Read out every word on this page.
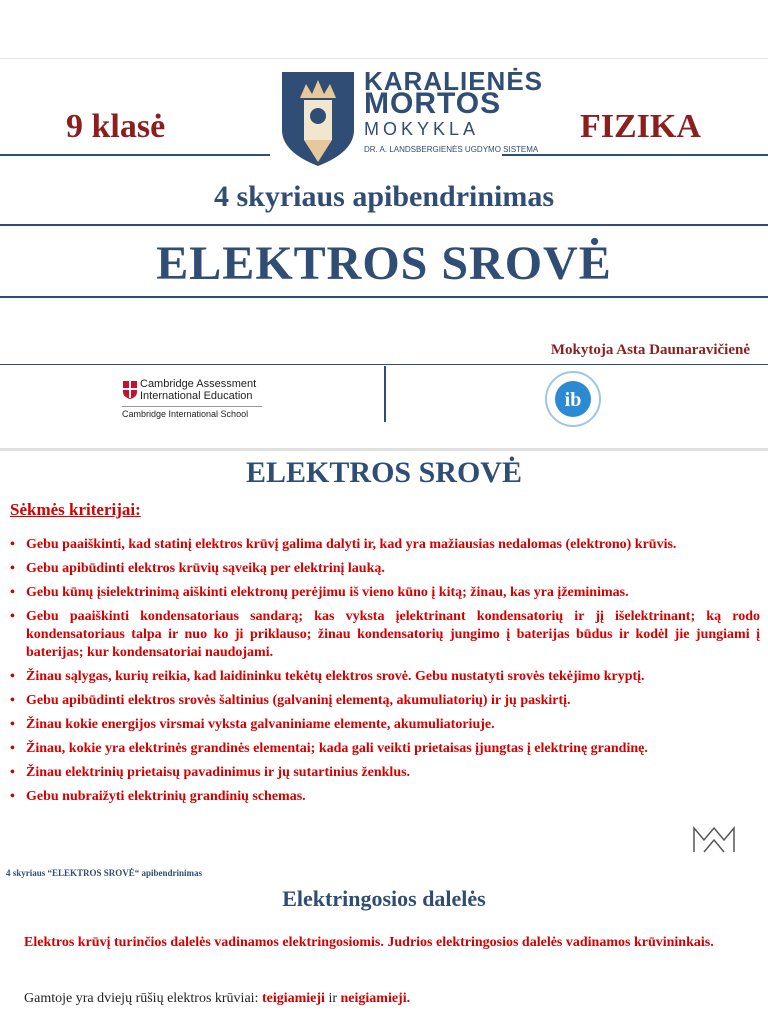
9 klasė	FIZIKA
KARALIENĖS
MORTOS
MOKYKLA
DR. A. LANDSBERGIENĖS UGDYMO SISTEMA
4 skyriaus apibendrinimas
ELEKTROS SROVĖ
Mokytoja Asta Daunaravičienė
Cambridge Assessment
International Education
Cambridge International School
ib
ELEKTROS SROVĖ
Sėkmės kriterijai:
• Gebu paaiškinti, kad statinį elektros krūvį galima dalyti ir, kad yra mažiausias nedalomas (elektrono) krūvis.
• Gebu apibūdinti elektros krūvių sąveiką per elektrinį lauką.
• Gebu kūnų įsielektrinimą aiškinti elektronų perėjimu iš vieno kūno į kitą; žinau, kas yra įžeminimas.
• Gebu paaiškinti kondensatoriaus sandarą; kas vyksta įelektrinant kondensatorių ir jį išelektrinant; ką rodo kondensatoriaus talpa ir nuo ko ji priklauso; žinau kondensatorių jungimo į baterijas būdus ir kodėl jie jungiami į baterijas; kur kondensatoriai naudojami.
• Žinau sąlygas, kurių reikia, kad laidininku tekėtų elektros srovė. Gebu nustatyti srovės tekėjimo kryptį.
• Gebu apibūdinti elektros srovės šaltinius (galvaninį elementą, akumuliatorių) ir jų paskirtį.
• Žinau kokie energijos virsmai vyksta galvaniniame elemente, akumuliatoriuje.
• Žinau, kokie yra elektrinės grandinės elementai; kada gali veikti prietaisas įjungtas į elektrinę grandinę.
• Žinau elektrinių prietaisų pavadinimus ir jų sutartinius ženklus.
• Gebu nubraižyti elektrinių grandinių schemas.
4 skyriaus “ELEKTROS SROVĖ“ apibendrinimas
Elektringosios dalelės
Elektros krūvį turinčios dalelės vadinamos elektringosiomis. Judrios elektringosios dalelės vadinamos krūvininkais.
Gamtoje yra dviejų rūšių elektros krūviai: teigiamieji ir neigiamieji.
